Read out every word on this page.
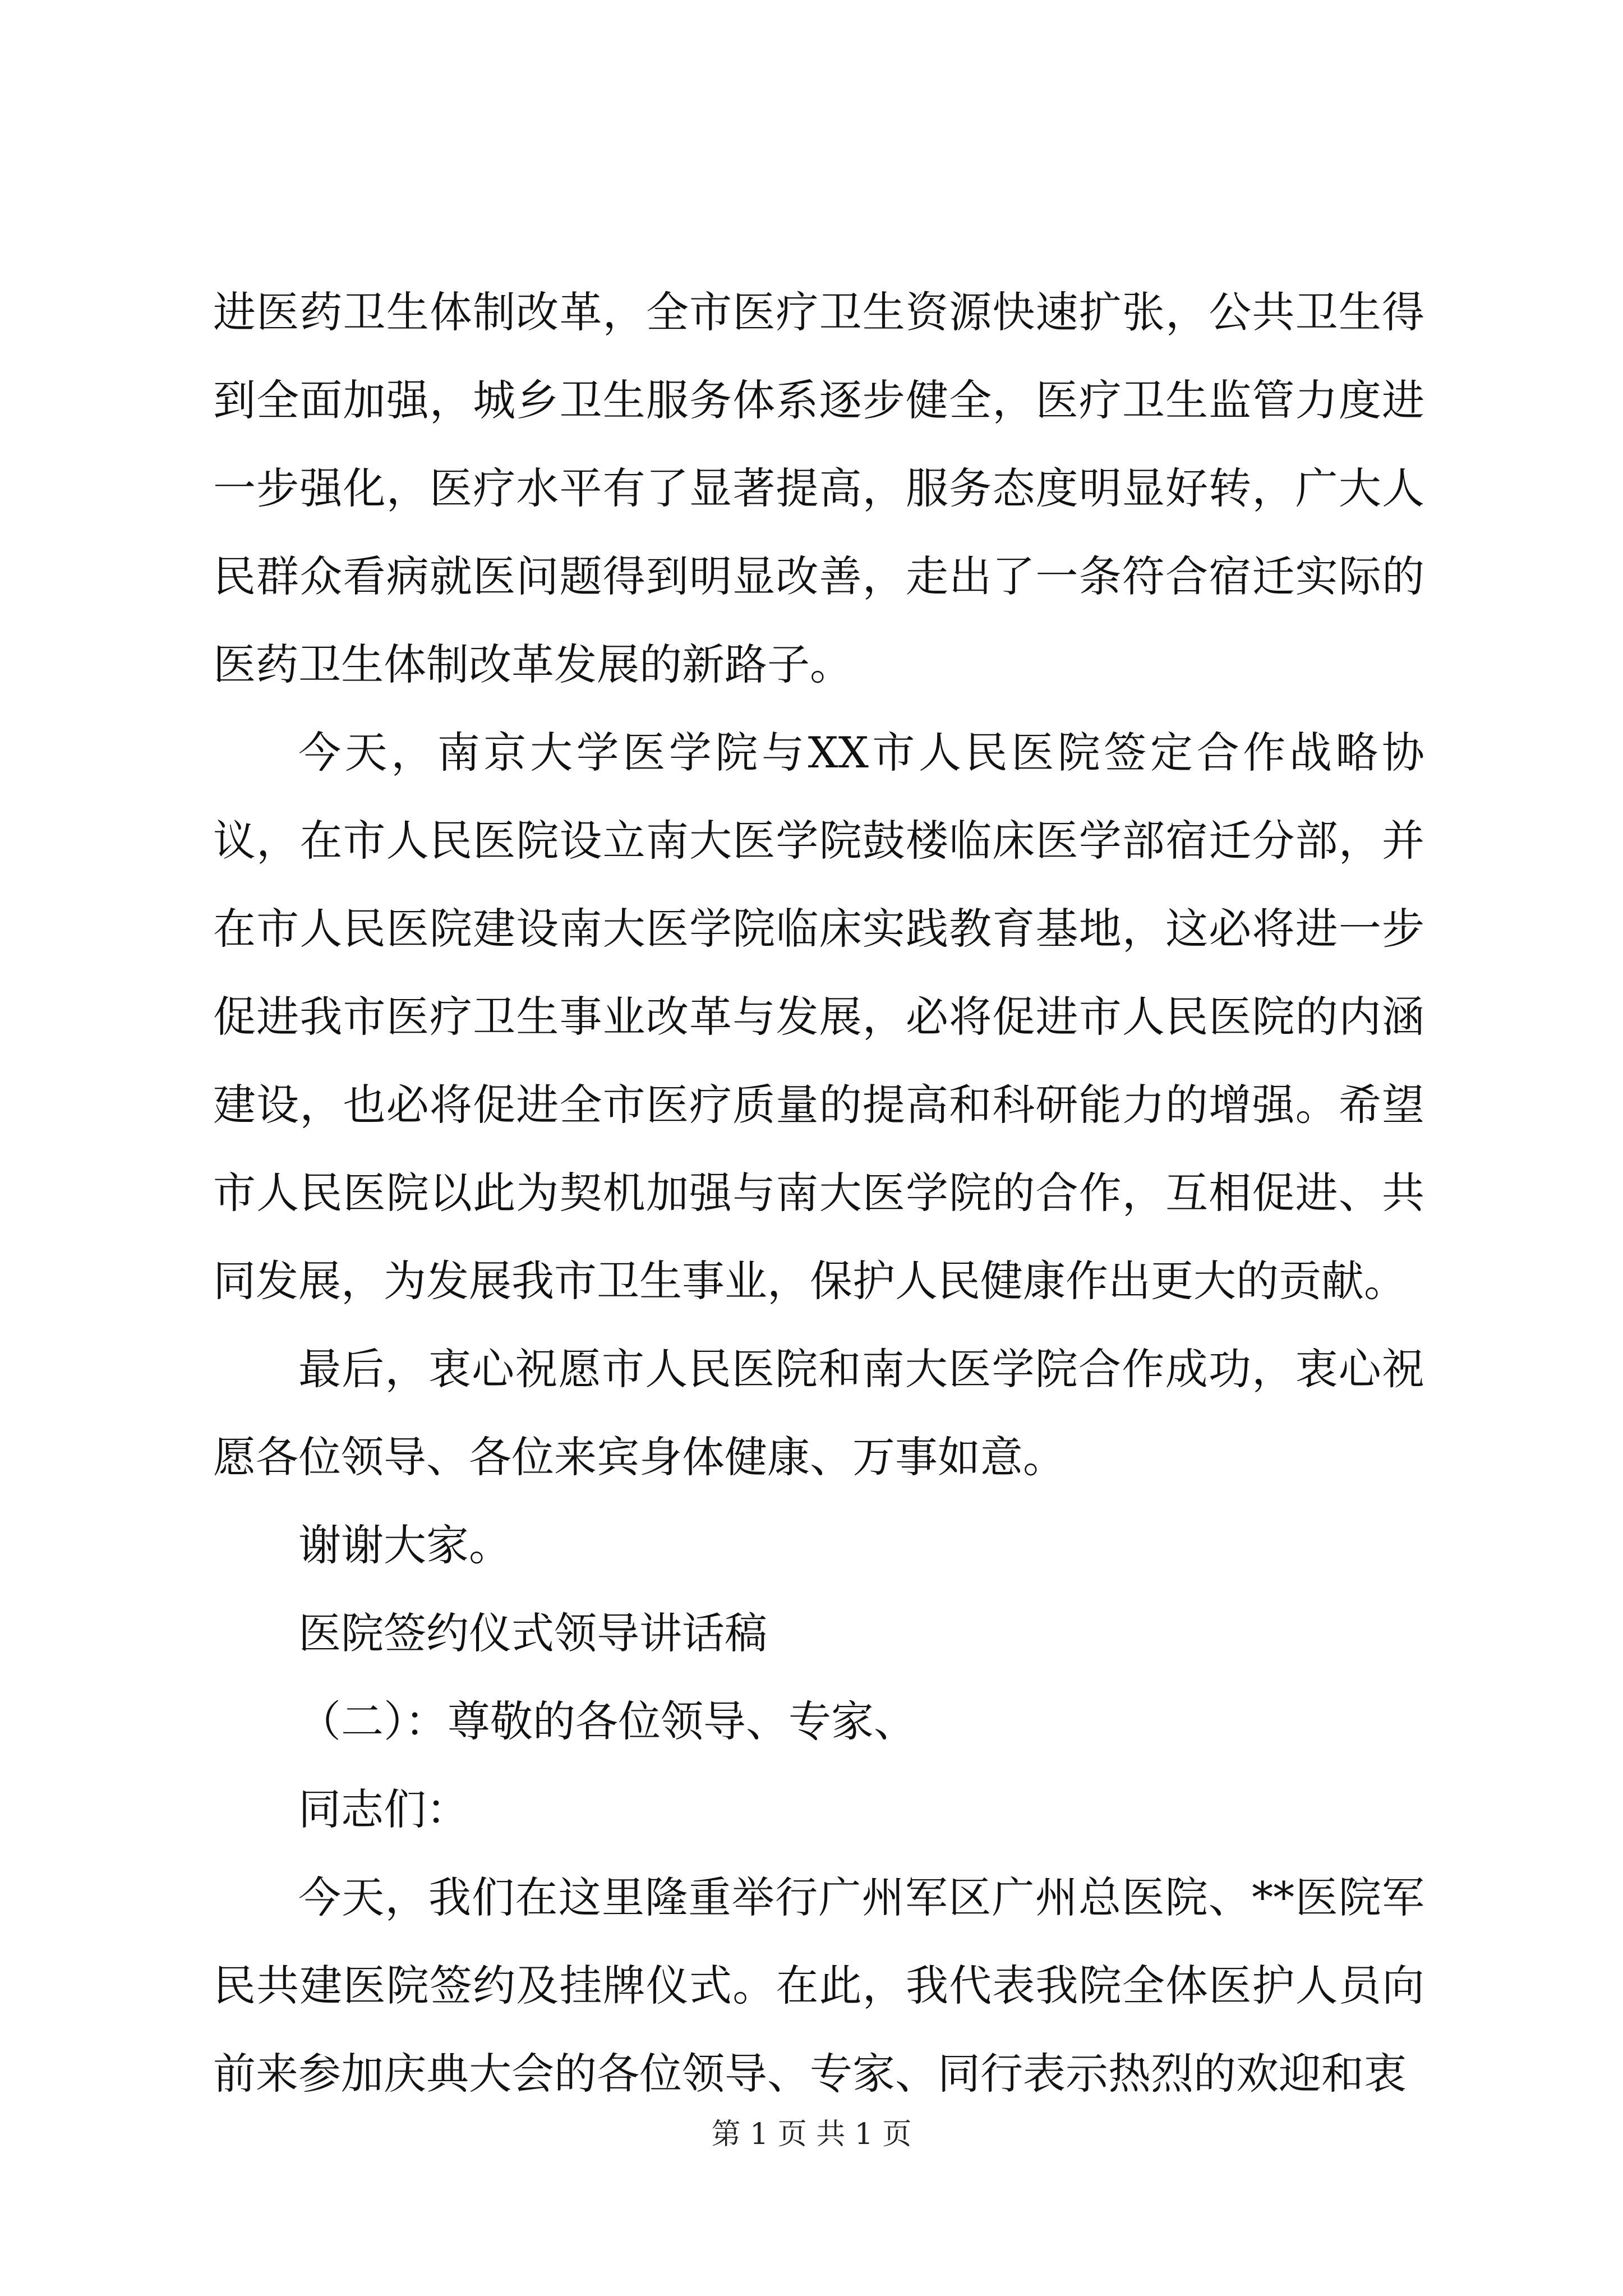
进医药卫生体制改革，全市医疗卫生资源快速扩张，公共卫生得到全面加强，城乡卫生服务体系逐步健全，医疗卫生监管力度进一步强化，医疗水平有了显著提高，服务态度明显好转，广大人民群众看病就医问题得到明显改善，走出了一条符合宿迁实际的医药卫生体制改革发展的新路子。

今天，南京大学医学院与XX市人民医院签定合作战略协议，在市人民医院设立南大医学院鼓楼临床医学部宿迁分部，并在市人民医院建设南大医学院临床实践教育基地，这必将进一步促进我市医疗卫生事业改革与发展，必将促进市人民医院的内涵建设，也必将促进全市医疗质量的提高和科研能力的增强。希望市人民医院以此为契机加强与南大医学院的合作，互相促进、共同发展，为发展我市卫生事业，保护人民健康作出更大的贡献。

最后，衷心祝愿市人民医院和南大医学院合作成功，衷心祝愿各位领导、各位来宾身体健康、万事如意。

谢谢大家。

医院签约仪式领导讲话稿

（二）：尊敬的各位领导、专家、

同志们：

今天，我们在这里隆重举行广州军区广州总医院、**医院军民共建医院签约及挂牌仪式。在此，我代表我院全体医护人员向前来参加庆典大会的各位领导、专家、同行表示热烈的欢迎和衷

第 1 页 共 1 页
